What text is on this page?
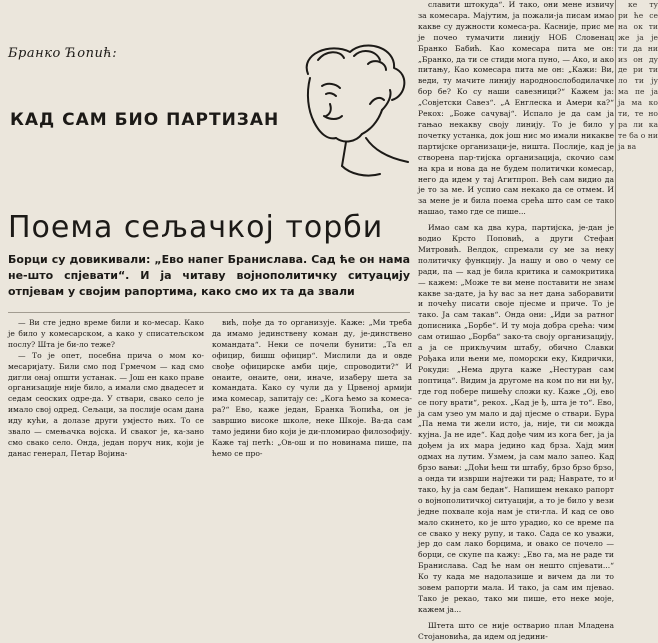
Бранко Ћопић:
КАД САМ БИО ПАРТИЗАН
Поема сељачкој торби
Борци су довикивали: „Ево напег Бранислава. Сад ће он нама не-што спјевати“. И ја читаву војнополитичку ситуацију отпјевам у својим рапортима, како смо их та да звали

— Ви сте једно време били и ко-месар. Како је било у комесарском, а како у списатељском послу? Шта је би-ло теже?

— То је опет, посебна прича о мом ко-месаријату. Били смо под Грмечом — кад смо дигли онај општи устанак. — Још ен како праве организације није било, а имали смо двадесет и седам сеоских одре-да. У ствари, свако село је имало свој одред. Сељаци, за послије осам дана иду кући, а долазе други умјесто њих. То се звало — смењачка војска. И сваког је, ка-зано смо свако село. Онда, један поруч ник, који је данас генерал, Петар Војина-

вић, пође да то организује. Каже: „Ми треба да имамо јединствену коман ду, је-динствено командата“. Неки се почели бунити: „Та ел официр, бишш официр“. Мислили да и овде свође официрске амби ције, спроводити?“ И онаите, онаите, они, иначе, изаберу шета за командата. Како су чули да у Црвеној армији има комесар, запитају се: „Кога ћемо за комеса-ра?“ Ево, каже један, Бранка Ћопића, он је завршио високе школе, неке Шкоје. Ва-да сам тамо једини био који је ди-пломирао филозофију. Каже тај петћ: „Ов-ош и по новинама пише, па ћемо се про-

славити штокуда“. И тако, они мене извичу за комесара. Мајутим, ја пожали-ја писам имао какве су дужности комеса-ра. Касније, прис ме је почео тумачити линију НОБ Словенац Бранко Бабић. Као комесара пита ме он: „Бранко, да ти се стиди мога пуно, — Ако, и ако питању, Као комесара пита ме он: „Кажи: Ви, веди, ту мачите линију народноослободилачке бор бе? Ко су наши савезници?“ Кажем ја: „Совјетски Савез“. „А Енглеска и Амери ка?“ Рекох: „Боже сачувај“. Испало је да сам ја гањао некакву своју линију. То је било у почетку устанка, док још нис мо имали никакве партијске организаци-је, ништа. Послије, кад је створена пар-тијска организација, скочио сам на кра и нова да не будем политички комесар, него да идем у тај Агитпроп. Већ сам видио да је то за ме. И успио сам некако да се отмем. И за мене је и била поема срећа што сам се тако нашао, тамо где се пише...

Имао сам ка два кура, партијска, је-дан је водио Крсто Поповић, а други Стефан Митровић. Велдок, спремали су ме за неку политичку функцију. Ја нашу и ово о чему се ради, па — кад је била критика и самокритика — кажем: „Може те ви мене поставити не знам какве за-дате, ја ћу вас за нет дана заборавити и почећу писати своје пјесме и приче. То је тако. Ја сам такав“. Онда они: „Иди за ратног дописника „Борбе“. И ту моја добра срећа: чим сам отишао „Борба“ зако-та своју организацију, а ја се прикључим штабу, обично Славки Рођака или њени ме, поморски еку, Кидрички, Рокуди: „Нема друга каже „Нестуран сам поптица“. Видим ја другоме на ком по ни ни ђу, где год побере пишећу сложи ку. Каже „Ој, ево се погу врати“, рекох. „Кад је ђ, шта је то“. Ево, ја сам узео ум мало и дај пјесме о ствари. Бура „Па нема ти жели исто, ја, није, ти си можда кујна. Ја не иде“. Кад дође чим из кога бег, ја ја дођем ја их мара једино кад брза. Хајд мин одмах на лутим. Узмем, ја сам мало запео. Кад брзо вањи: „Доћи ћеш ти штабу, брзо брзо брзо, а онда ти изврши најтежи ти рад; Наврате, то и тако, ћу ја сам бедан“. Напишем некако рапорт о војнополитичкој ситуацији, а то је било у вези једне похвале која нам је сти-гла. И кад се ово мало скинето, ко је што урадио, ко се време па се свако у неку рупу, и тако. Сада се ко уважи, јер до сам лако борцима, и овако се почело — борци, се скупе па кажу: „Ево га, ма не раде ти Бранислава. Сад ће нам он нешто спјевати...“ Ко ту када ме надолазише и вичем да ли то зовем рапорти мала. И тако, ја сам им пјевао. Тако је рекао, тако ми пише, ето неке моје, кажем ја...

Штета што се није остварио план Младена Стојановића, да идем од једини-

ке ту ри ће се на ок ти же ја је ти да ни из он ду де ри ти ло ти ју ма пе ја ја ма ко ти, те но ра ли ка те ба о ни ја ва
